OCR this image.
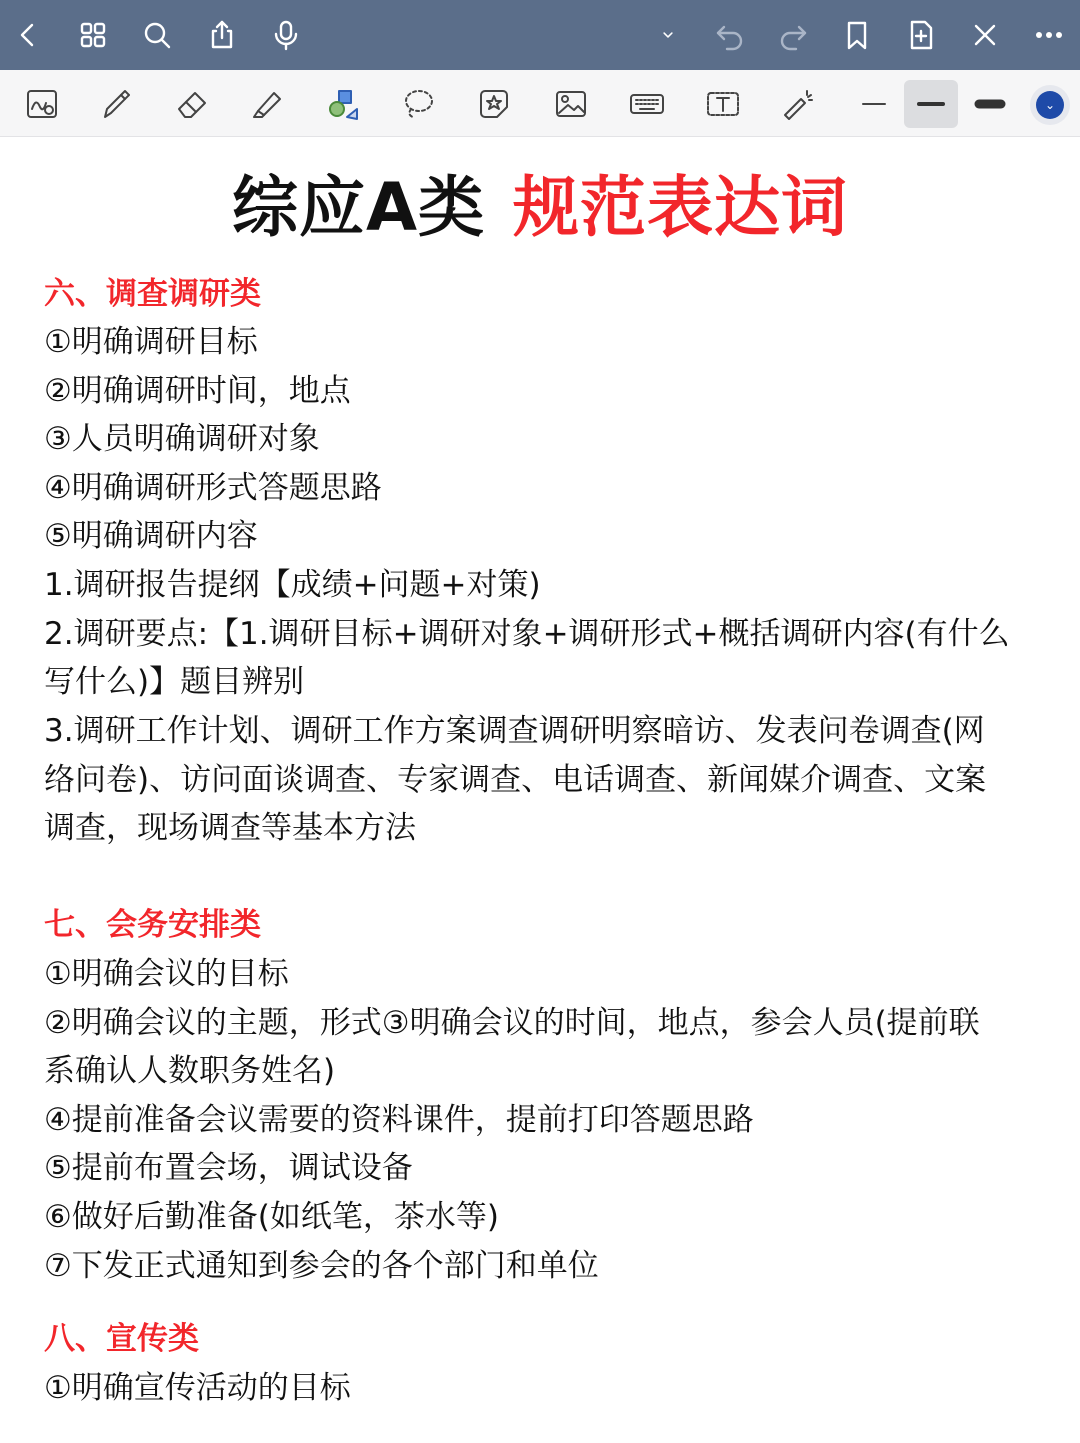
⌄
综应A类 规范表达词
六、调查调研类
①明确调研目标
②明确调研时间，地点
③人员明确调研对象
④明确调研形式答题思路
⑤明确调研内容
1.调研报告提纲【成绩+问题+对策)
2.调研要点:【1.调研目标+调研对象+调研形式+概括调研内容(有什么
写什么)】题目辨别
3.调研工作计划、调研工作方案调查调研明察暗访、发表问卷调查(网
络问卷)、访问面谈调查、专家调查、电话调查、新闻媒介调查、文案
调查，现场调查等基本方法
七、会务安排类
①明确会议的目标
②明确会议的主题，形式③明确会议的时间，地点，参会人员(提前联
系确认人数职务姓名)
④提前准备会议需要的资料课件，提前打印答题思路
⑤提前布置会场，调试设备
⑥做好后勤准备(如纸笔，茶水等)
⑦下发正式通知到参会的各个部门和单位
八、宣传类
①明确宣传活动的目标
